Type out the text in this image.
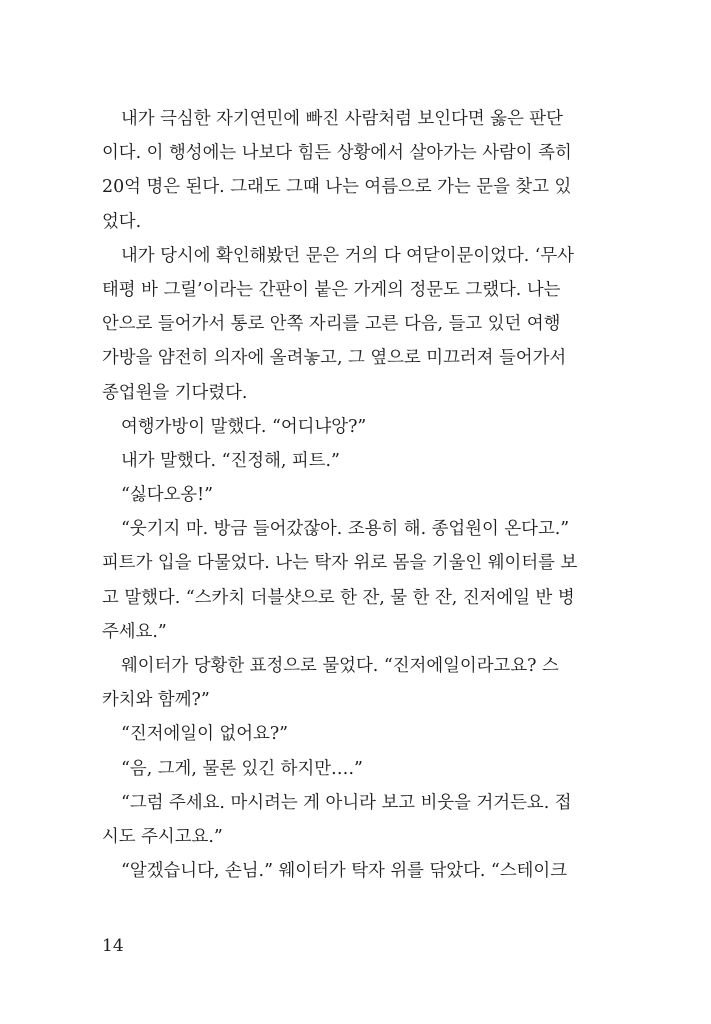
내가 극심한 자기연민에 빠진 사람처럼 보인다면 옳은 판단
이다. 이 행성에는 나보다 힘든 상황에서 살아가는 사람이 족히
20억 명은 된다. 그래도 그때 나는 여름으로 가는 문을 찾고 있
었다.
내가 당시에 확인해봤던 문은 거의 다 여닫이문이었다. ‘무사
태평 바 그릴’이라는 간판이 붙은 가게의 정문도 그랬다. 나는
안으로 들어가서 통로 안쪽 자리를 고른 다음, 들고 있던 여행
가방을 얌전히 의자에 올려놓고, 그 옆으로 미끄러져 들어가서
종업원을 기다렸다.
여행가방이 말했다. “어디냐앙?”
내가 말했다. “진정해, 피트.”
“싫다오옹!”
“웃기지 마. 방금 들어갔잖아. 조용히 해. 종업원이 온다고.”
피트가 입을 다물었다. 나는 탁자 위로 몸을 기울인 웨이터를 보
고 말했다. “스카치 더블샷으로 한 잔, 물 한 잔, 진저에일 반 병
주세요.”
웨이터가 당황한 표정으로 물었다. “진저에일이라고요? 스
카치와 함께?”
“진저에일이 없어요?”
“음, 그게, 물론 있긴 하지만….”
“그럼 주세요. 마시려는 게 아니라 보고 비웃을 거거든요. 접
시도 주시고요.”
“알겠습니다, 손님.” 웨이터가 탁자 위를 닦았다. “스테이크
14
